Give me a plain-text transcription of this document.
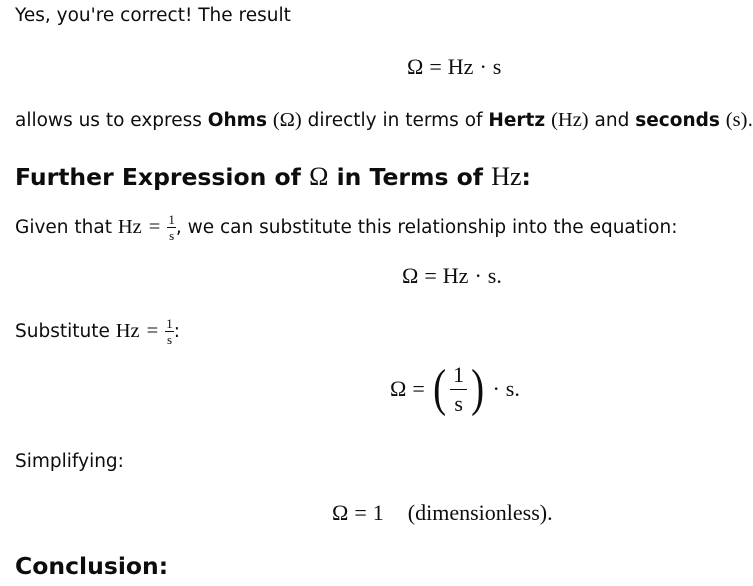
Yes, you're correct! The result
Ω = Hz · s
allows us to express Ohms (Ω) directly in terms of Hertz (Hz) and seconds (s).
Further Expression of Ω in Terms of Hz:
Given that $Hz = \frac{1}{s}$ , we can substitute this relationship into the equation:
Ω = Hz · s.
Substitute $Hz = \frac{1}{s}$ :
Ω = ( $\frac{1}{s}$ ) · s.
Simplifying:
Ω = 1 (dimensionless).
Conclusion:
